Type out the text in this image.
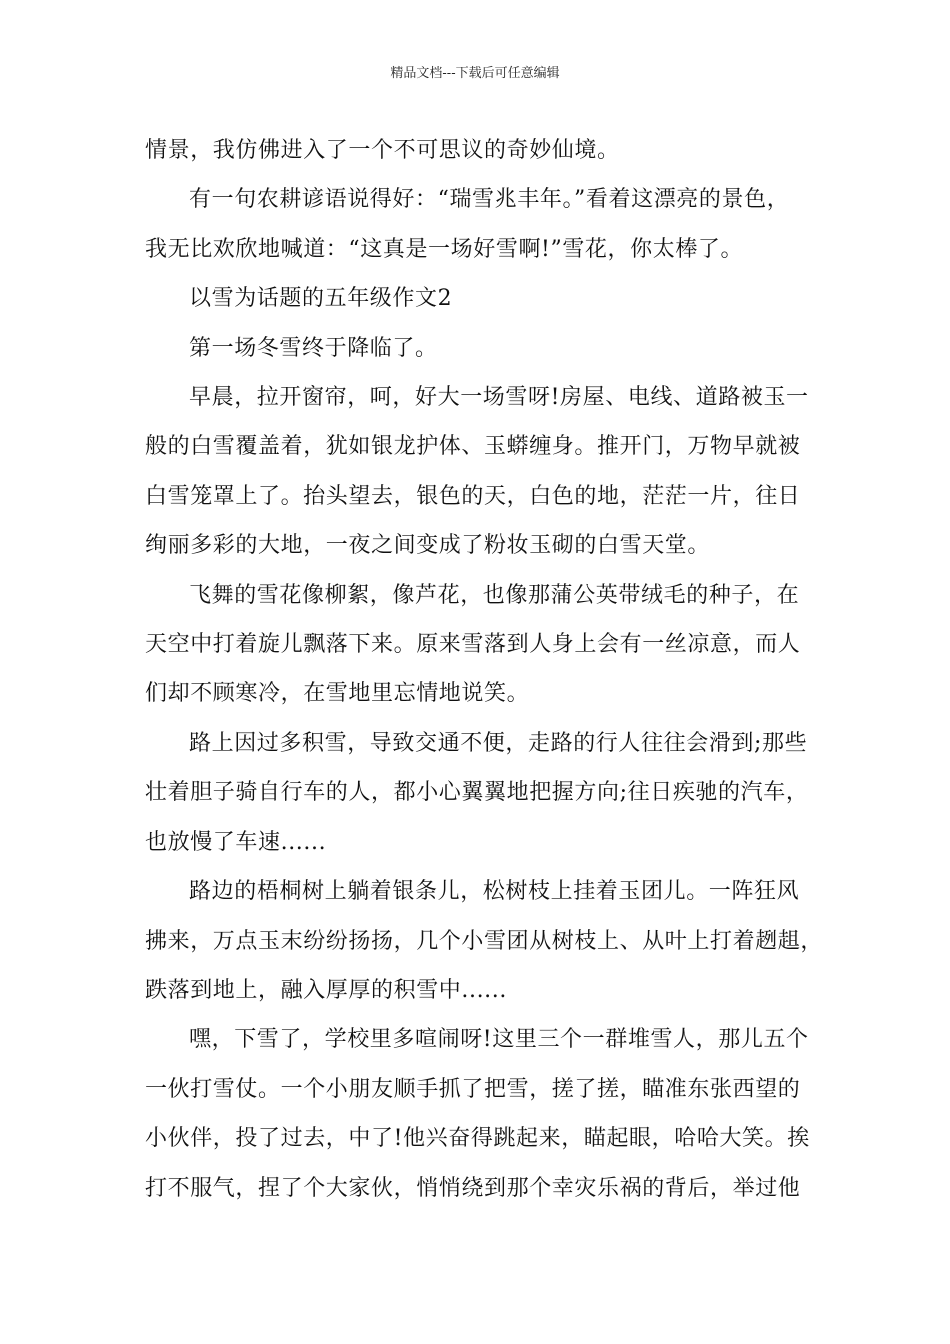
精品文档---下载后可任意编辑

情景，我仿佛进入了一个不可思议的奇妙仙境。

有一句农耕谚语说得好：“瑞雪兆丰年。”看着这漂亮的景色，
我无比欢欣地喊道：“这真是一场好雪啊!”雪花，你太棒了。

以雪为话题的五年级作文2

第一场冬雪终于降临了。

早晨，拉开窗帘，呵，好大一场雪呀!房屋、电线、道路被玉一
般的白雪覆盖着，犹如银龙护体、玉蟒缠身。推开门，万物早就被
白雪笼罩上了。抬头望去，银色的天，白色的地，茫茫一片，往日
绚丽多彩的大地，一夜之间变成了粉妆玉砌的白雪天堂。

飞舞的雪花像柳絮，像芦花，也像那蒲公英带绒毛的种子，在
天空中打着旋儿飘落下来。原来雪落到人身上会有一丝凉意，而人
们却不顾寒冷，在雪地里忘情地说笑。

路上因过多积雪，导致交通不便，走路的行人往往会滑到;那些
壮着胆子骑自行车的人，都小心翼翼地把握方向;往日疾驰的汽车，
也放慢了车速......

路边的梧桐树上躺着银条儿，松树枝上挂着玉团儿。一阵狂风
拂来，万点玉末纷纷扬扬，几个小雪团从树枝上、从叶上打着趔趄，
跌落到地上，融入厚厚的积雪中......

嘿，下雪了，学校里多喧闹呀!这里三个一群堆雪人，那儿五个
一伙打雪仗。一个小朋友顺手抓了把雪，搓了搓，瞄准东张西望的
小伙伴，投了过去，中了!他兴奋得跳起来，瞄起眼，哈哈大笑。挨
打不服气，捏了个大家伙，悄悄绕到那个幸灾乐祸的背后，举过他
